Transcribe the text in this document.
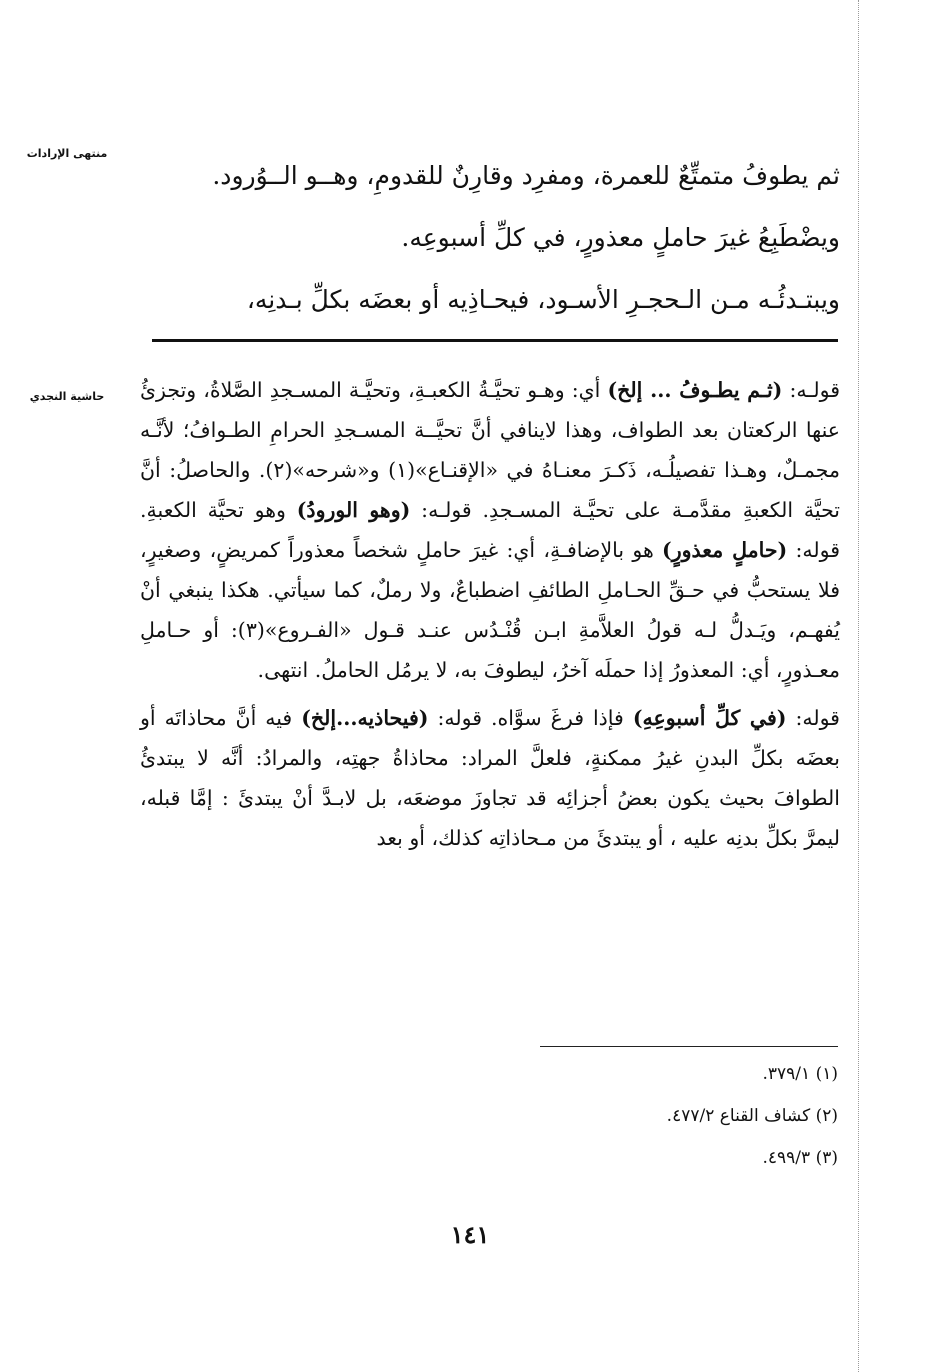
منتهى الإرادات
حاشية النجدي

ثم يطوفُ متمتِّعٌ للعمرة، ومفرِد وقارِنٌ للقدومِ، وهــو الــوُرود.

ويضْطَبِعُ غيرَ حاملٍ معذورٍ، في كلِّ أسبوعِه.

ويبتـدئُـه مـن الـحجـرِ الأسـود، فيحـاذِيه أو بعضَه بكلِّ بـدنِه،

قولـه: (ثـم يطـوفُ ... إلخ) أي: وهـو تحيَّـةُ الكعبـةِ، وتحيَّـة المسـجدِ الصَّلاةُ، وتجزئُ عنها الركعتان بعد الطواف، وهذا لاينافي أنَّ تحيَّــة المسـجدِ الحرامِ الطـوافُ؛ لأنَّـه مجمـلٌ، وهـذا تفصيلُـه، ذَكـرَ معنـاهُ في «الإقنـاع»(١) و«شرحه»(٢). والحاصلُ: أنَّ تحيَّة الكعبةِ مقدَّمـة على تحيَّـة المسـجدِ. قولـه: (وهو الورودُ) وهو تحيَّة الكعبةِ. قوله: (حاملٍ معذورٍ) هو بالإضافـةِ، أي: غيرَ حاملٍ شخصاً معذوراً كمريضٍ، وصغيرٍ، فلا يستحبُّ في حـقِّ الحـاملِ الطائفِ اضطباعٌ، ولا رملٌ، كما سيأتي. هكذا ينبغي أنْ يُفهـم، ويَـدلُّ لـه قولُ العلاَّمةِ ابـن قُنْـدُس عنـد قـول «الفـروع»(٣): أو حـاملِ معـذورٍ، أي: المعذورُ إذا حملَه آخرُ، ليطوفَ به، لا يرمُل الحاملُ. انتهى.

قوله: (في كلِّ أسبوعِهِ) فإذا فرغَ سوَّاه. قوله: (فيحاذيه...إلخ) فيه أنَّ محاذاتَه أو بعضَه بكلِّ البدنِ غيرُ ممكنةٍ، فلعلَّ المراد: محاذاةُ جهتِه، والمرادُ: أنَّه لا يبتدئُ الطوافَ بحيث يكون بعضُ أجزائِه قد تجاوزَ موضعَه، بل لابـدَّ أنْ يبتدئَ : إمَّا قبله، ليمرَّ بكلِّ بدنِه عليه ، أو يبتدئَ من مـحاذاتِه كذلك، أو بعد

(١) ٣٧٩/١.
(٢) كشاف القناع ٤٧٧/٢.
(٣) ٤٩٩/٣.
١٤١
